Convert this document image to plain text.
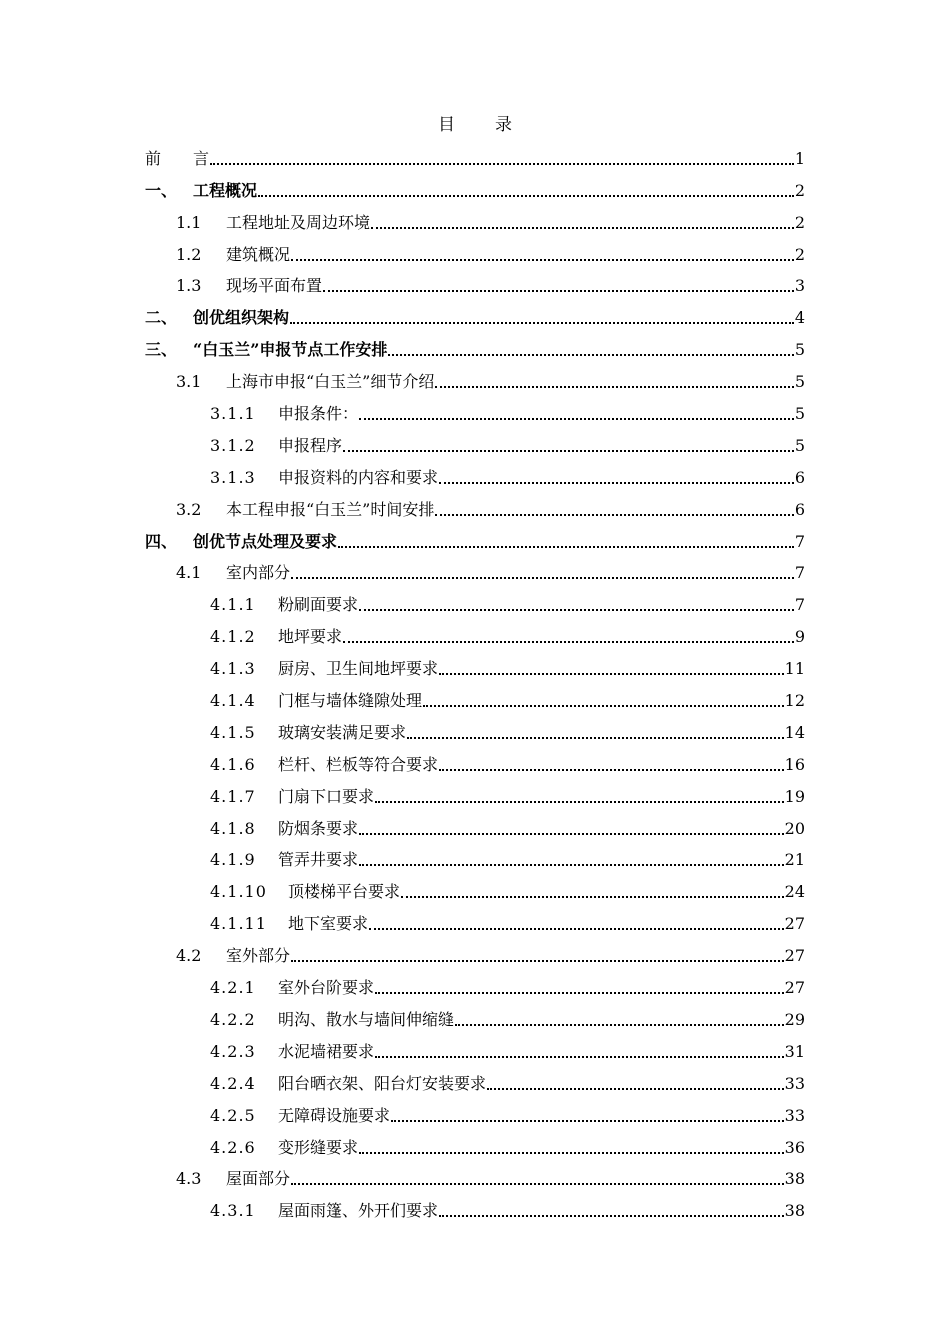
目 录
前　　言	1
一、 工程概况	2
1.1	工程地址及周边环境	2
1.2	建筑概况	2
1.3	现场平面布置	3
二、 创优组织架构	4
三、 “白玉兰”申报节点工作安排	5
3.1	上海市申报“白玉兰”细节介绍	5
3.1.1	申报条件：	5
3.1.2	申报程序	5
3.1.3	申报资料的内容和要求	6
3.2	本工程申报“白玉兰”时间安排	6
四、 创优节点处理及要求	7
4.1	室内部分	7
4.1.1	粉刷面要求	7
4.1.2	地坪要求	9
4.1.3	厨房、卫生间地坪要求	11
4.1.4	门框与墙体缝隙处理	12
4.1.5	玻璃安装满足要求	14
4.1.6	栏杆、栏板等符合要求	16
4.1.7	门扇下口要求	19
4.1.8	防烟条要求	20
4.1.9	管弄井要求	21
4.1.10	顶楼梯平台要求	24
4.1.11	地下室要求	27
4.2	室外部分	27
4.2.1	室外台阶要求	27
4.2.2	明沟、散水与墙间伸缩缝	29
4.2.3	水泥墙裙要求	31
4.2.4	阳台晒衣架、阳台灯安装要求	33
4.2.5	无障碍设施要求	33
4.2.6	变形缝要求	36
4.3	屋面部分	38
4.3.1	屋面雨篷、外开们要求	38
